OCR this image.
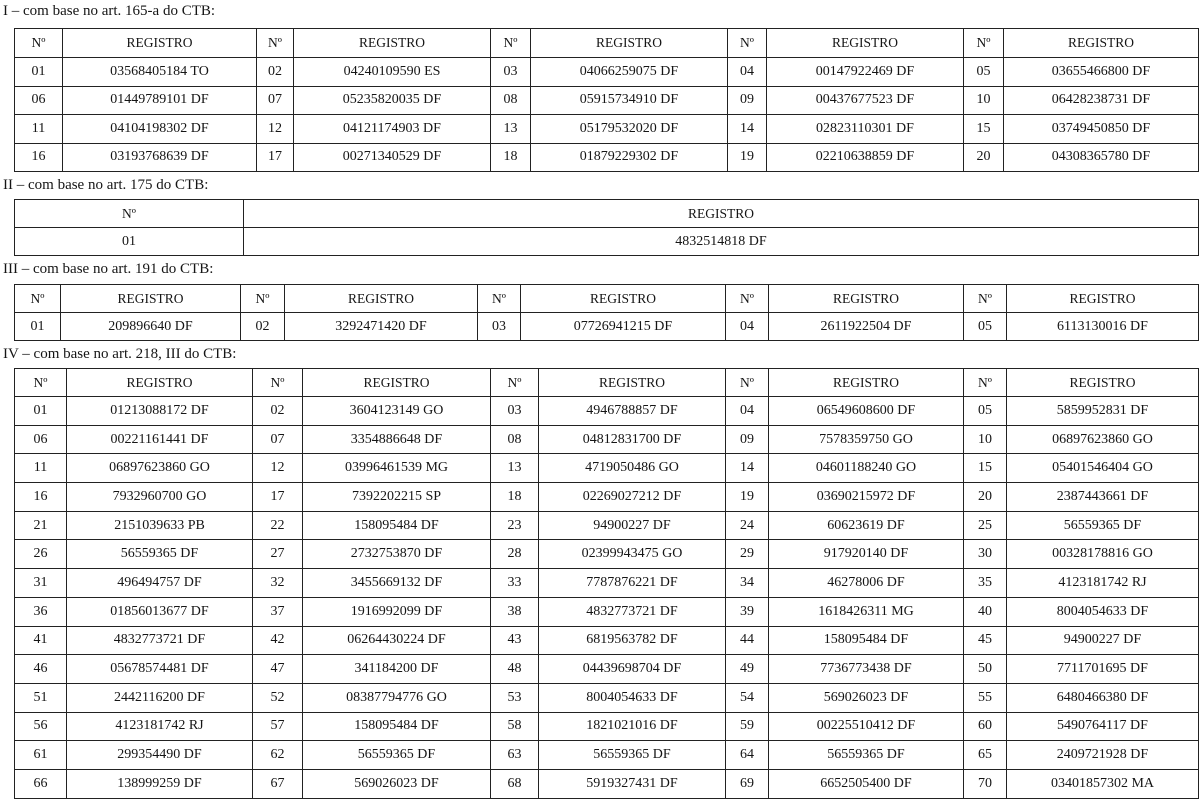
I – com base no art. 165-a do CTB:
Nº	REGISTRO	Nº	REGISTRO	Nº	REGISTRO	Nº	REGISTRO	Nº	REGISTRO
01	03568405184 TO	02	04240109590 ES	03	04066259075 DF	04	00147922469 DF	05	03655466800 DF
06	01449789101 DF	07	05235820035 DF	08	05915734910 DF	09	00437677523 DF	10	06428238731 DF
11	04104198302 DF	12	04121174903 DF	13	05179532020 DF	14	02823110301 DF	15	03749450850 DF
16	03193768639 DF	17	00271340529 DF	18	01879229302 DF	19	02210638859 DF	20	04308365780 DF
II – com base no art. 175 do CTB:
Nº	REGISTRO
01	4832514818 DF
III – com base no art. 191 do CTB:
Nº	REGISTRO	Nº	REGISTRO	Nº	REGISTRO	Nº	REGISTRO	Nº	REGISTRO
01	209896640 DF	02	3292471420 DF	03	07726941215 DF	04	2611922504 DF	05	6113130016 DF
IV – com base no art. 218, III do CTB:
Nº	REGISTRO	Nº	REGISTRO	Nº	REGISTRO	Nº	REGISTRO	Nº	REGISTRO
01	01213088172 DF	02	3604123149 GO	03	4946788857 DF	04	06549608600 DF	05	5859952831 DF
06	00221161441 DF	07	3354886648 DF	08	04812831700 DF	09	7578359750 GO	10	06897623860 GO
11	06897623860 GO	12	03996461539 MG	13	4719050486 GO	14	04601188240 GO	15	05401546404 GO
16	7932960700 GO	17	7392202215 SP	18	02269027212 DF	19	03690215972 DF	20	2387443661 DF
21	2151039633 PB	22	158095484 DF	23	94900227 DF	24	60623619 DF	25	56559365 DF
26	56559365 DF	27	2732753870 DF	28	02399943475 GO	29	917920140 DF	30	00328178816 GO
31	496494757 DF	32	3455669132 DF	33	7787876221 DF	34	46278006 DF	35	4123181742 RJ
36	01856013677 DF	37	1916992099 DF	38	4832773721 DF	39	1618426311 MG	40	8004054633 DF
41	4832773721 DF	42	06264430224 DF	43	6819563782 DF	44	158095484 DF	45	94900227 DF
46	05678574481 DF	47	341184200 DF	48	04439698704 DF	49	7736773438 DF	50	7711701695 DF
51	2442116200 DF	52	08387794776 GO	53	8004054633 DF	54	569026023 DF	55	6480466380 DF
56	4123181742 RJ	57	158095484 DF	58	1821021016 DF	59	00225510412 DF	60	5490764117 DF
61	299354490 DF	62	56559365 DF	63	56559365 DF	64	56559365 DF	65	2409721928 DF
66	138999259 DF	67	569026023 DF	68	5919327431 DF	69	6652505400 DF	70	03401857302 MA
